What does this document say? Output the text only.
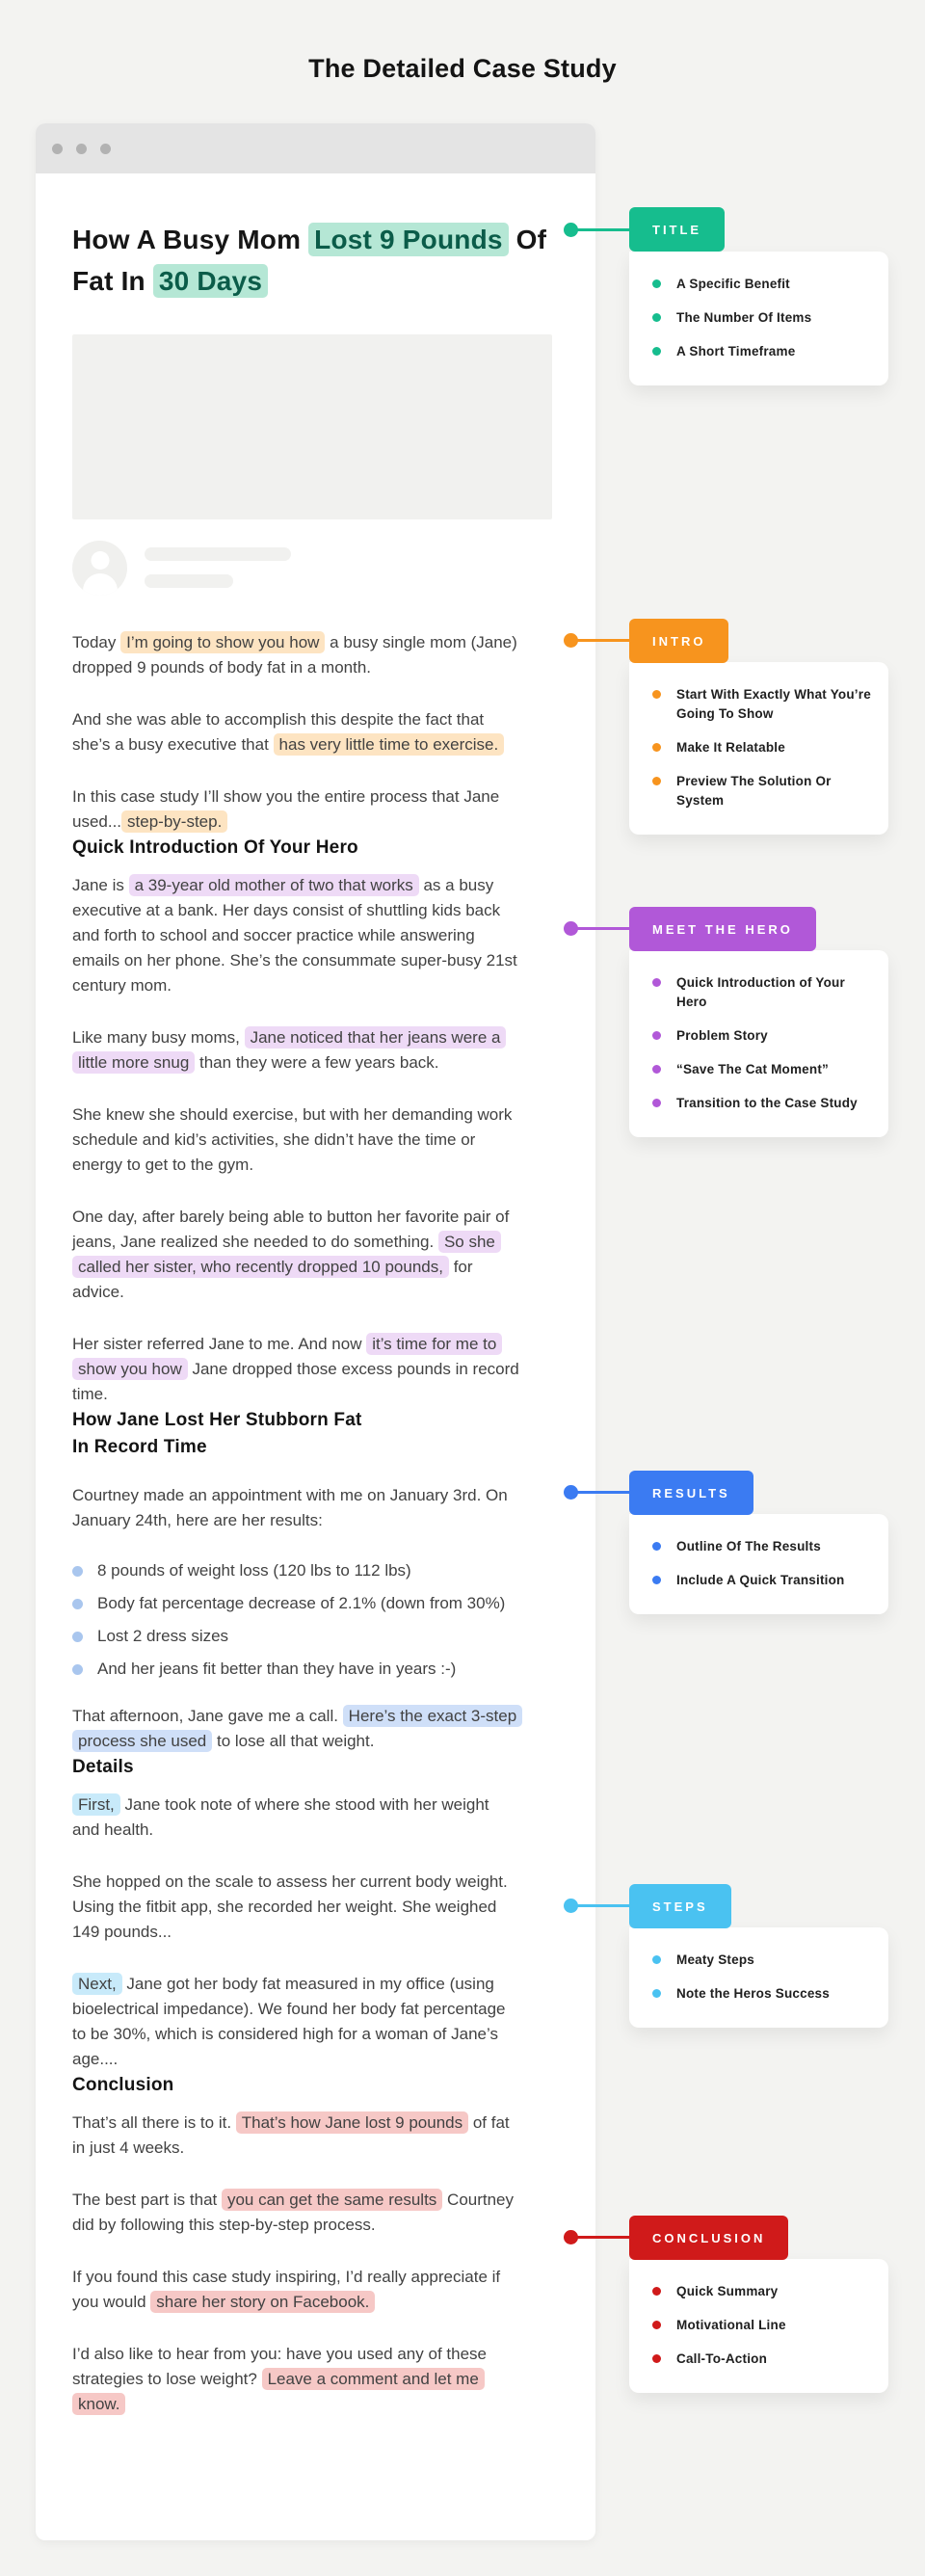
The Detailed Case Study
How A Busy Mom Lost 9 Pounds Of Fat In 30 Days

Today I’m going to show you how a busy single mom (Jane) dropped 9 pounds of body fat in a month.

And she was able to accomplish this despite the fact that she’s a busy executive that has very little time to exercise.

In this case study I’ll show you the entire process that Jane used... step-by-step.

Quick Introduction Of Your Hero

Jane is a 39-year old mother of two that works as a busy executive at a bank. Her days consist of shuttling kids back and forth to school and soccer practice while answering emails on her phone. She’s the consummate super-busy 21st century mom.

Like many busy moms, Jane noticed that her jeans were a little more snug than they were a few years back.

She knew she should exercise, but with her demanding work schedule and kid’s activities, she didn’t have the time or energy to get to the gym.

One day, after barely being able to button her favorite pair of jeans, Jane realized she needed to do something. So she called her sister, who recently dropped 10 pounds, for advice.

Her sister referred Jane to me. And now it’s time for me to show you how Jane dropped those excess pounds in record time.

How Jane Lost Her Stubborn Fat
In Record Time

Courtney made an appointment with me on January 3rd. On January 24th, here are her results:

8 pounds of weight loss (120 lbs to 112 lbs)
Body fat percentage decrease of 2.1% (down from 30%)
Lost 2 dress sizes
And her jeans fit better than they have in years :-)

That afternoon, Jane gave me a call. Here’s the exact 3-step process she used to lose all that weight.

Details

First, Jane took note of where she stood with her weight and health.

She hopped on the scale to assess her current body weight. Using the fitbit app, she recorded her weight. She weighed 149 pounds...

Next, Jane got her body fat measured in my office (using bioelectrical impedance). We found her body fat percentage to be 30%, which is considered high for a woman of Jane’s age....

Conclusion

That’s all there is to it. That’s how Jane lost 9 pounds of fat in just 4 weeks.

The best part is that you can get the same results Courtney did by following this step-by-step process.

If you found this case study inspiring, I’d really appreciate if you would share her story on Facebook.

I’d also like to hear from you: have you used any of these strategies to lose weight? Leave a comment and let me know.

TITLE
A Specific Benefit
The Number Of Items
A Short Timeframe
INTRO
Start With Exactly What You’re Going To Show
Make It Relatable
Preview The Solution Or System
MEET THE HERO
Quick Introduction of Your Hero
Problem Story
“Save The Cat Moment”
Transition to the Case Study
RESULTS
Outline Of The Results
Include A Quick Transition
STEPS
Meaty Steps
Note the Heros Success
CONCLUSION
Quick Summary
Motivational Line
Call-To-Action
